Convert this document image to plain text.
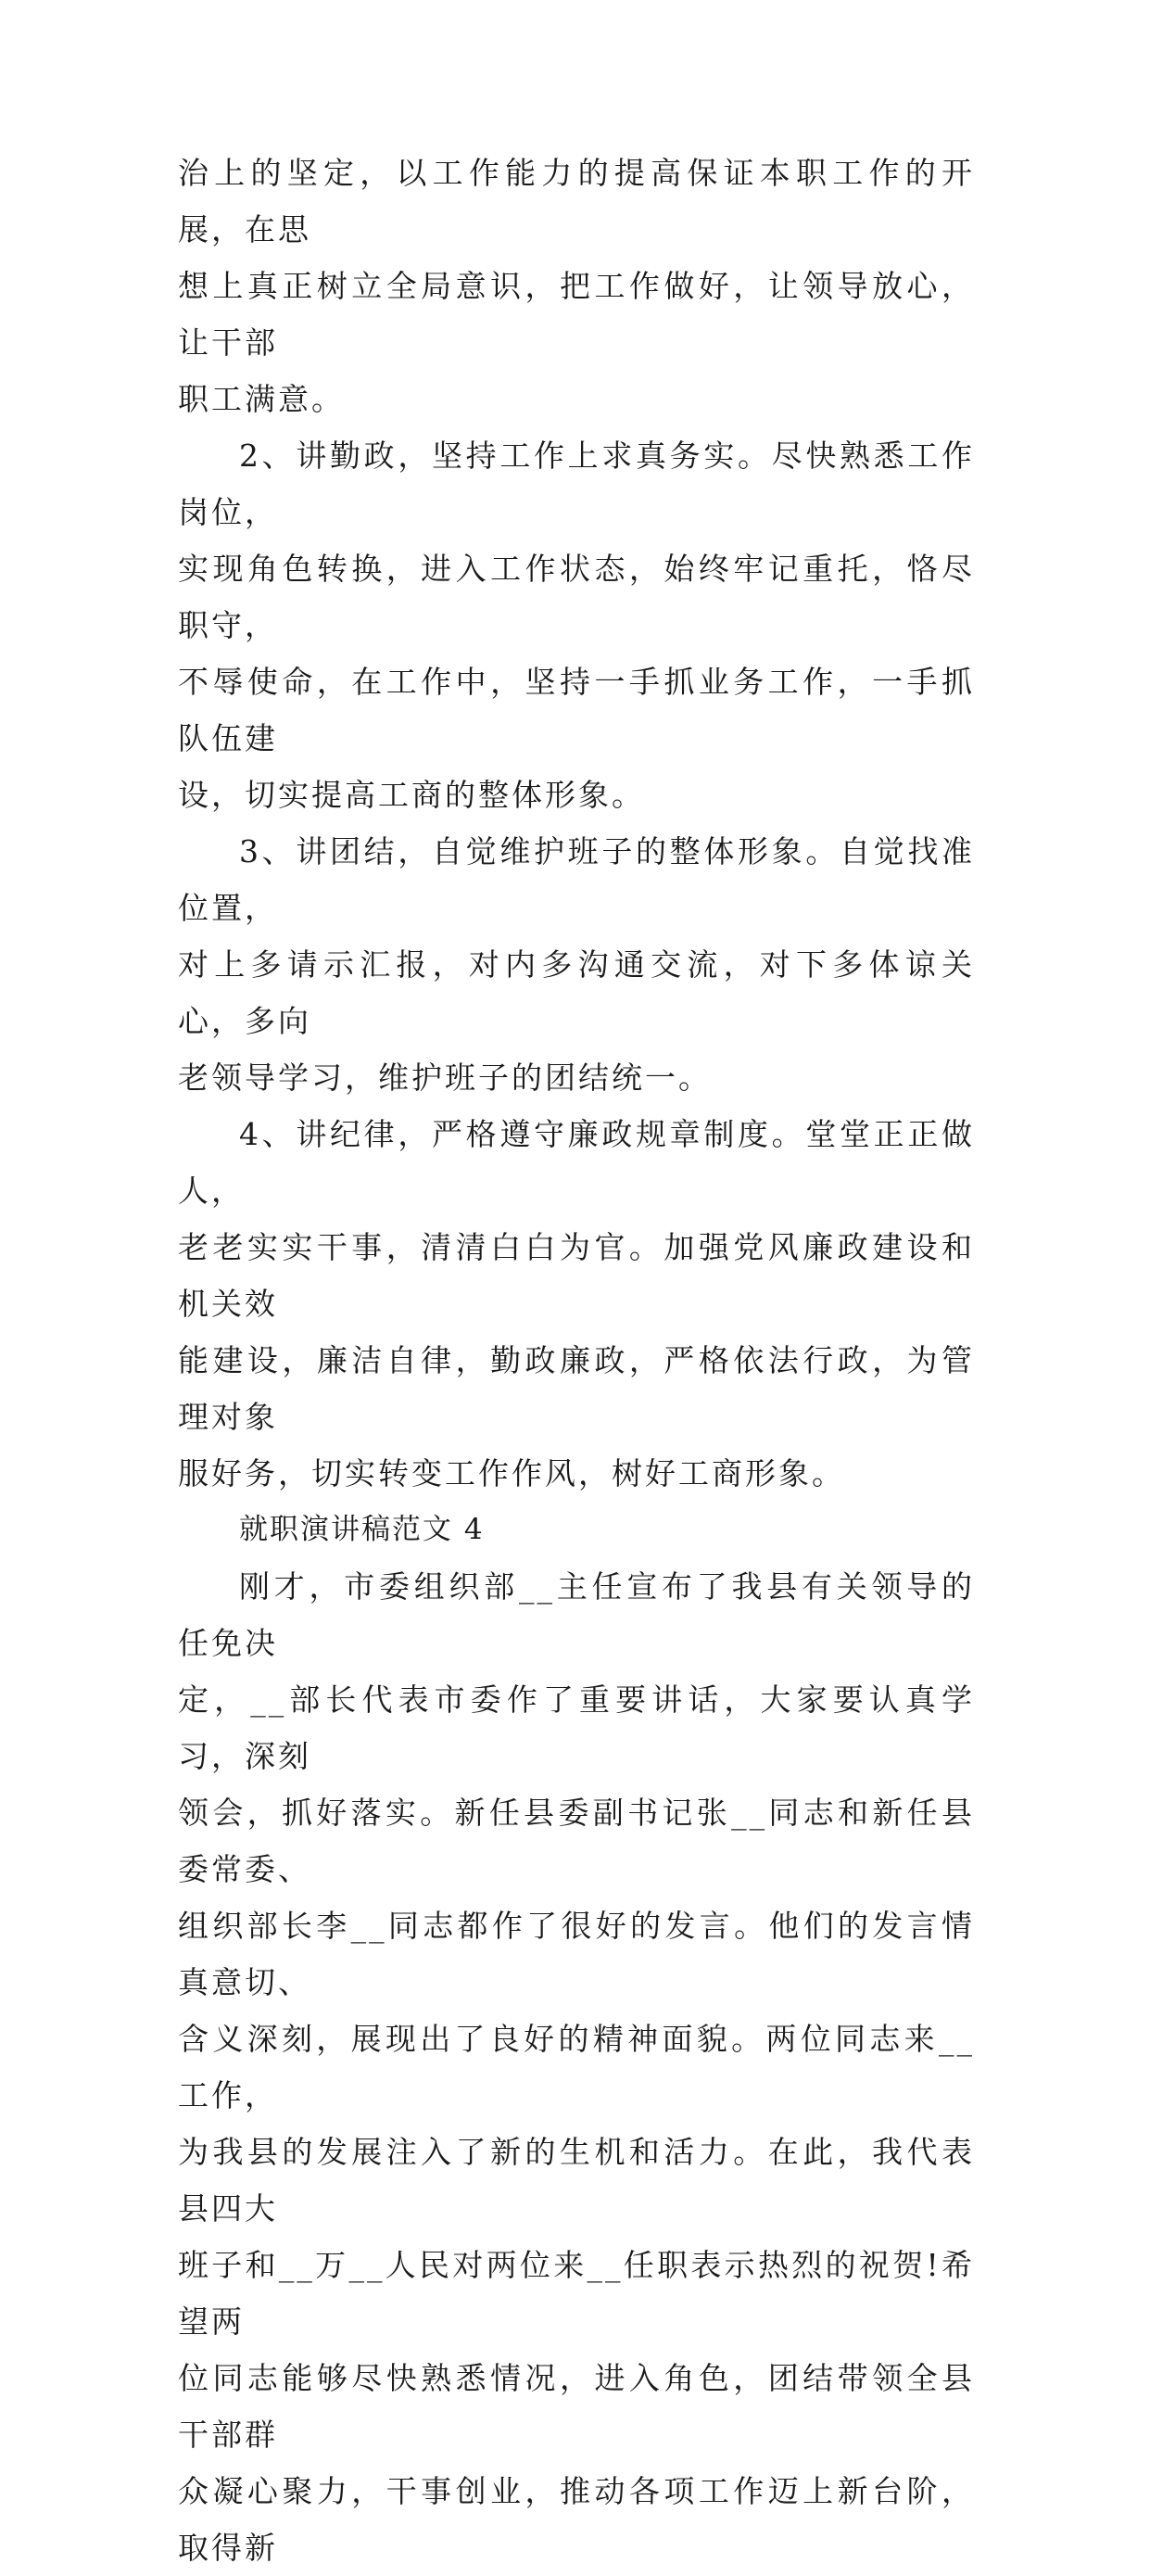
治上的坚定，以工作能力的提高保证本职工作的开展，在思
想上真正树立全局意识，把工作做好，让领导放心，让干部
职工满意。

2、讲勤政，坚持工作上求真务实。尽快熟悉工作岗位，
实现角色转换，进入工作状态，始终牢记重托，恪尽职守，
不辱使命，在工作中，坚持一手抓业务工作，一手抓队伍建
设，切实提高工商的整体形象。

3、讲团结，自觉维护班子的整体形象。自觉找准位置，
对上多请示汇报，对内多沟通交流，对下多体谅关心，多向
老领导学习，维护班子的团结统一。

4、讲纪律，严格遵守廉政规章制度。堂堂正正做人，
老老实实干事，清清白白为官。加强党风廉政建设和机关效
能建设，廉洁自律，勤政廉政，严格依法行政，为管理对象
服好务，切实转变工作作风，树好工商形象。

就职演讲稿范文 4

刚才，市委组织部__主任宣布了我县有关领导的任免决
定，__部长代表市委作了重要讲话，大家要认真学习，深刻
领会，抓好落实。新任县委副书记张__同志和新任县委常委、
组织部长李__同志都作了很好的发言。他们的发言情真意切、
含义深刻，展现出了良好的精神面貌。两位同志来__工作，
为我县的发展注入了新的生机和活力。在此，我代表县四大
班子和__万__人民对两位来__任职表示热烈的祝贺!希望两
位同志能够尽快熟悉情况，进入角色，团结带领全县干部群
众凝心聚力，干事创业，推动各项工作迈上新台阶，取得新
